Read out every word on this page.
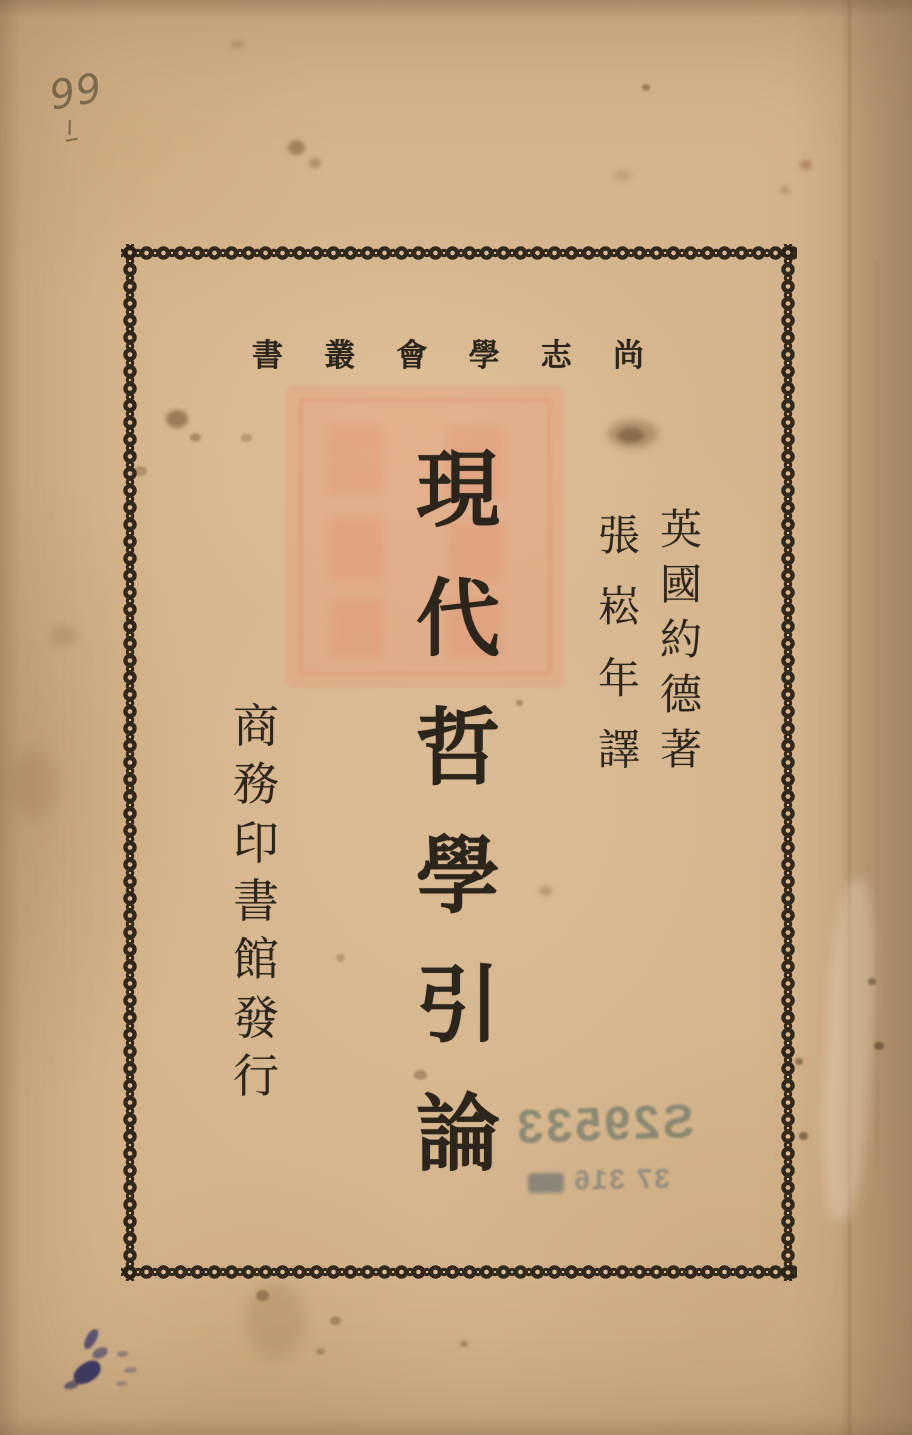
書 叢 會 學 志 尚
現
代
哲
學
引
論
英
國
約
德
著
張
崧
年
譯
商
務
印
書
館
發
行
S29533
37 316
99
I
